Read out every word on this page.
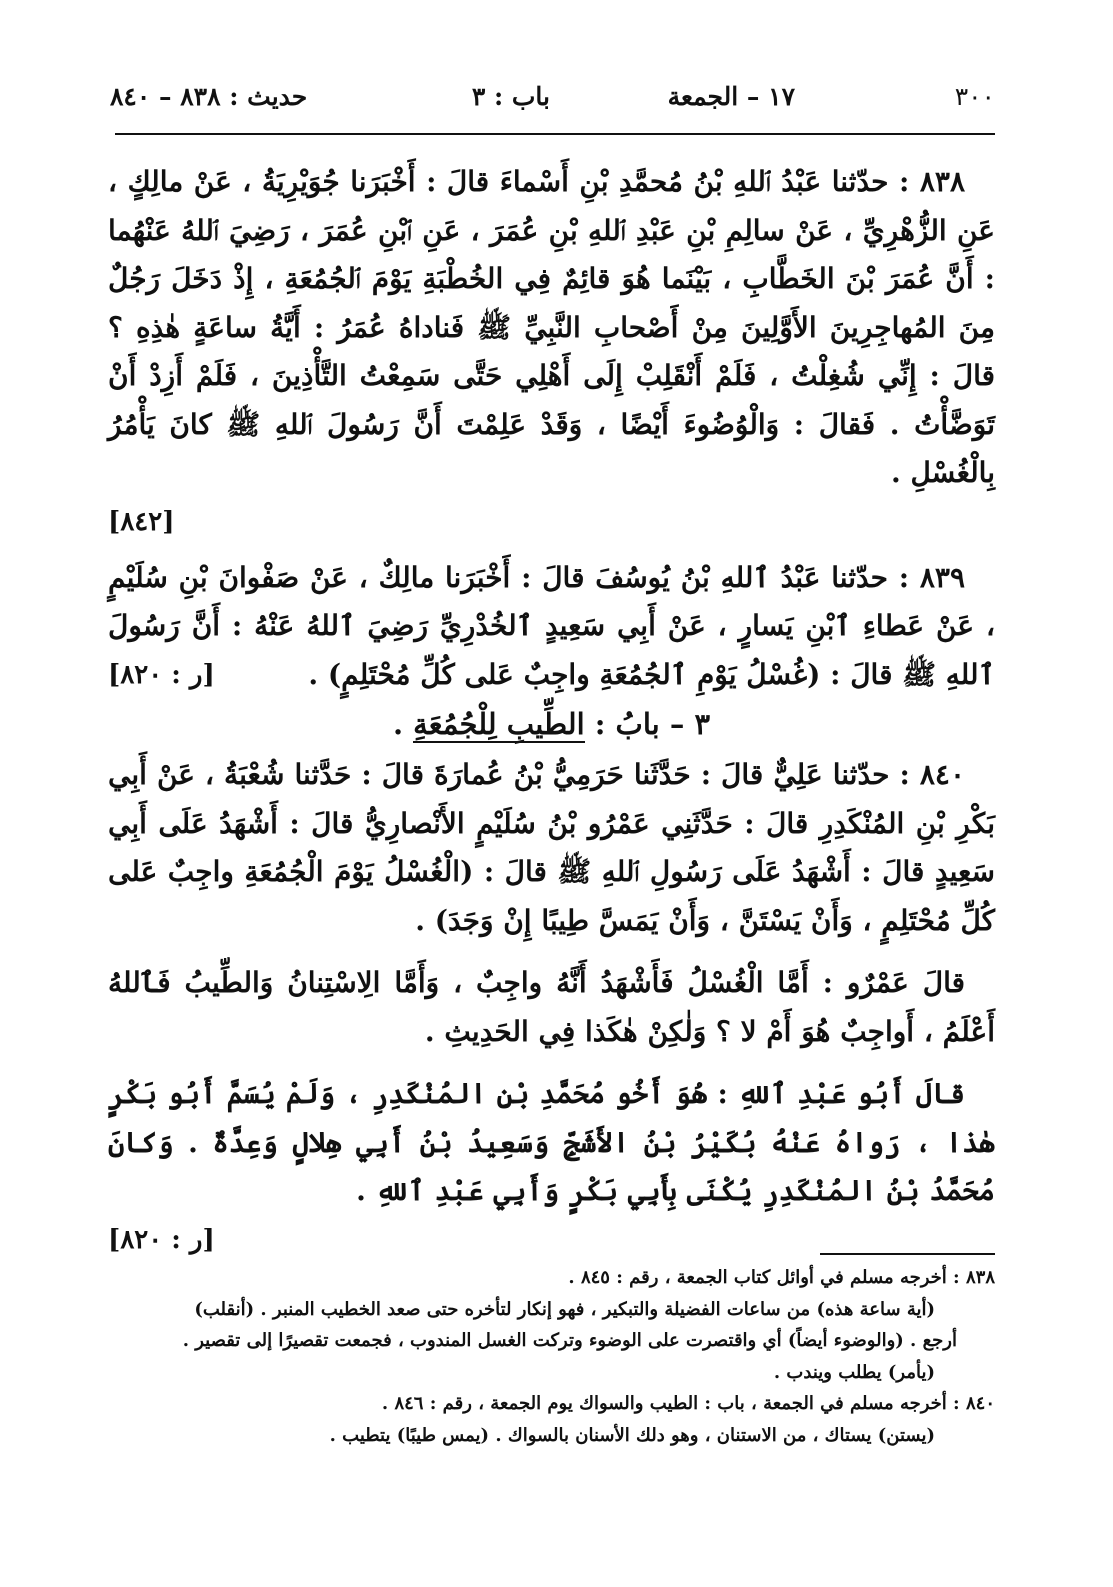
٣٠٠
١٧ – الجمعة
باب : ٣
حديث : ٨٣٨ – ٨٤٠

٨٣٨ : حدّثنا عَبْدُ ٱللهِ بْنُ مُحمَّدِ بْنِ أَسْماءَ قالَ : أَخْبَرَنا جُوَيْرِيَةُ ، عَنْ مالِكٍ ، عَنِ الزُّهْرِيِّ ، عَنْ سالِمِ بْنِ عَبْدِ ٱللهِ بْنِ عُمَرَ ، عَنِ ٱبْنِ عُمَرَ ، رَضِيَ ٱللهُ عَنْهُما : أَنَّ عُمَرَ بْنَ الخَطَّابِ ، بَيْنَما هُوَ قائِمٌ فِي الخُطْبَةِ يَوْمَ ٱلجُمُعَةِ ، إِذْ دَخَلَ رَجُلٌ مِنَ المُهاجِرِينَ الأَوَّلِينَ مِنْ أَصْحابِ النَّبِيِّ ﷺ فَناداهُ عُمَرُ : أَيَّةُ ساعَةٍ هٰذِهِ ؟ قالَ : إِنِّي شُغِلْتُ ، فَلَمْ أَنْقَلِبْ إِلَى أَهْلِي حَتَّى سَمِعْتُ التَّأْذِينَ ، فَلَمْ أَزِدْ أَنْ تَوَضَّأْتُ . فَقالَ : وَالْوُضُوءَ أَيْضًا ، وَقَدْ عَلِمْتَ أَنَّ رَسُولَ ٱللهِ ﷺ كانَ يَأْمُرُ بِالْغُسْلِ .

[٨٤٢]

٨٣٩ : حدّثنا عَبْدُ ٱللهِ بْنُ يُوسُفَ قالَ : أَخْبَرَنا مالِكٌ ، عَنْ صَفْوانَ بْنِ سُلَيْمٍ ، عَنْ عَطاءِ ٱبْنِ يَسارٍ ، عَنْ أَبِي سَعِيدٍ ٱلخُدْرِيِّ رَضِيَ ٱللهُ عَنْهُ : أَنَّ رَسُولَ ٱللهِ ﷺ قالَ : (غُسْلُ يَوْمِ ٱلجُمُعَةِ واجِبٌ عَلى كُلِّ مُحْتَلِمٍ) .

[ر : ٨٢٠]
٣ – بابُ : الطِّيبِ لِلْجُمُعَةِ .

٨٤٠ : حدّثنا عَلِيٌّ قالَ : حَدَّثَنا حَرَمِيُّ بْنُ عُمارَةَ قالَ : حَدَّثنا شُعْبَةُ ، عَنْ أَبِي بَكْرِ بْنِ المُنْكَدِرِ قالَ : حَدَّثَنِي عَمْرُو بْنُ سُلَيْمٍ الأَنْصارِيُّ قالَ : أَشْهَدُ عَلَى أَبِي سَعِيدٍ قالَ : أَشْهَدُ عَلَى رَسُولِ ٱللهِ ﷺ قالَ : (الْغُسْلُ يَوْمَ الْجُمُعَةِ واجِبٌ عَلى كُلِّ مُحْتَلِمٍ ، وَأَنْ يَسْتَنَّ ، وَأَنْ يَمَسَّ طِيبًا إِنْ وَجَدَ) .

قالَ عَمْرٌو : أَمَّا الْغُسْلُ فَأَشْهَدُ أَنَّهُ واجِبٌ ، وَأَمَّا الِاسْتِنانُ وَالطِّيبُ فَٱللهُ أَعْلَمُ ، أَواجِبٌ هُوَ أَمْ لا ؟ وَلٰكِنْ هٰكَذا فِي الحَدِيثِ .

قالَ أَبُو عَبْدِ ٱللهِ : هُوَ أَخُو مُحَمَّدِ بْنِ المُنْكَدِرِ ، وَلَمْ يُسَمَّ أَبُو بَكْرٍ هٰذا ، رَواهُ عَنْهُ بُكَيْرُ بْنُ الأَشَجِّ وَسَعِيدُ بْنُ أَبِي هِلالٍ وَعِدَّةٌ . وَكانَ مُحَمَّدُ بْنُ المُنْكَدِرِ يُكْنَى بِأَبِي بَكْرٍ وَأَبِي عَبْدِ ٱللهِ .

[ر : ٨٢٠]

٨٣٨ : أخرجه مسلم في أوائل كتاب الجمعة ، رقم : ٨٤٥ .

(أية ساعة هذه) من ساعات الفضيلة والتبكير ، فهو إنكار لتأخره حتى صعد الخطيب المنبر . (أنقلب)

أرجع . (والوضوء أيضاً) أي واقتصرت على الوضوء وتركت الغسل المندوب ، فجمعت تقصيرًا إلى تقصير .

(يأمر) يطلب ويندب .

٨٤٠ : أخرجه مسلم في الجمعة ، باب : الطيب والسواك يوم الجمعة ، رقم : ٨٤٦ .

(يستن) يستاك ، من الاستنان ، وهو دلك الأسنان بالسواك . (يمس طيبًا) يتطيب .
